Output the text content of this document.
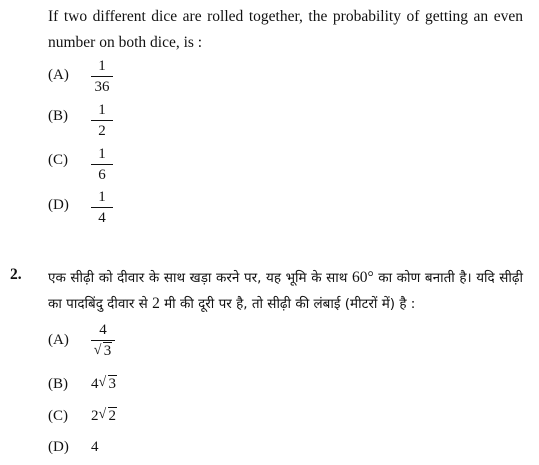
If two different dice are rolled together, the probability of getting an even number on both dice, is :
(A)
1
36
(B)	1
2
(C)	1
6
(D)	1
4
2. एक सीढ़ी को दीवार के साथ खड़ा करने पर, यह भूमि के साथ 60° का कोण बनाती है। यदि सीढ़ी का पादबिंदु दीवार से 2 मी की दूरी पर है, तो सीढ़ी की लंबाई (मीटरों में) है :
(A)
4
√ 3
(B) 4 √ 3
(C) 2 √ 2
(D) 4
